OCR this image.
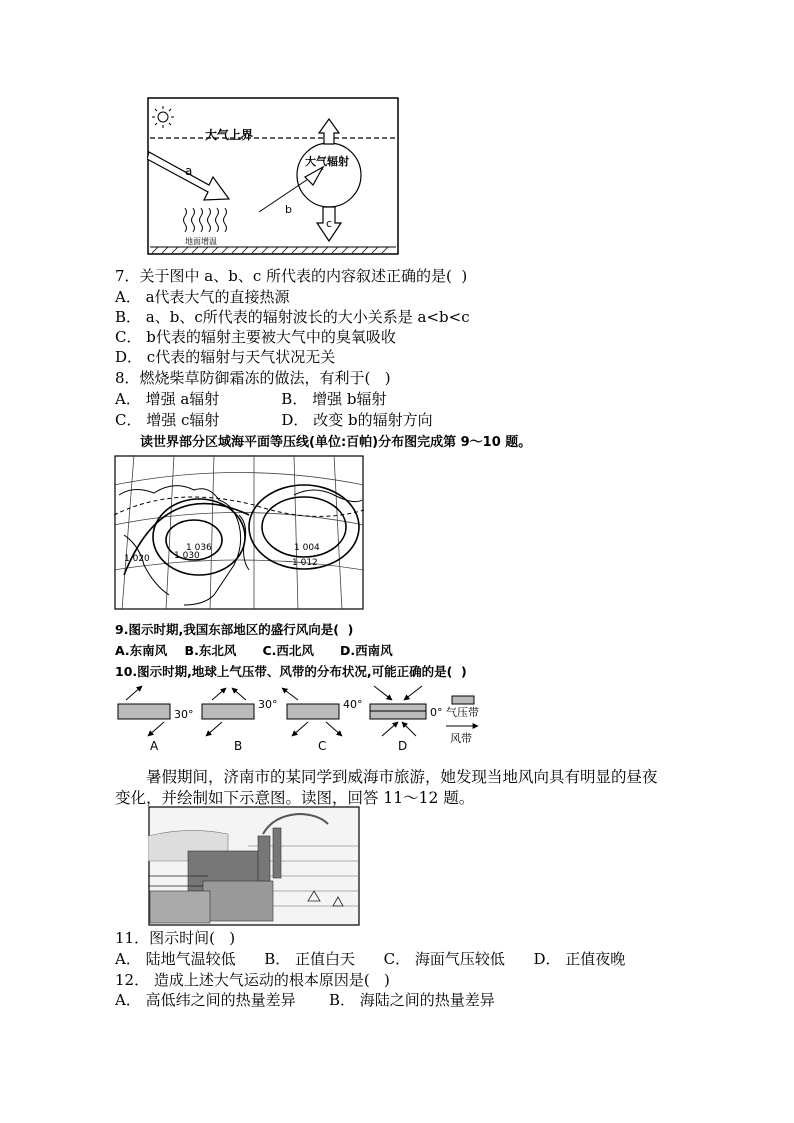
大气上界
a
地面增温
c
大气辐射
b
7．关于图中 a、b、c 所代表的内容叙述正确的是(  )
A． a代表大气的直接热源
B． a、b、c所代表的辐射波长的大小关系是 a<b<c
C． b代表的辐射主要被大气中的臭氧吸收
D． c代表的辐射与天气状况无关
8．燃烧柴草防御霜冻的做法，有利于(   )
A． 增强 a辐射             B． 增强 b辐射
C． 增强 c辐射             D． 改变 b的辐射方向
读世界部分区域海平面等压线(单位:百帕)分布图完成第 9～10 题。
1 036
1 030
1 020
1 004
1 012
9.图示时期,我国东部地区的盛行风向是(  )
A.东南风    B.东北风      C.西北风      D.西南风
10.图示时期,地球上气压带、风带的分布状况,可能正确的是(  )
30°
A
30°
B
40°
C
0°
D
气压带
风带
暑假期间，济南市的某同学到威海市旅游，她发现当地风向具有明显的昼夜
变化，并绘制如下示意图。读图，回答 11～12 题。
11．图示时间(   )
A． 陆地气温较低      B． 正值白天      C． 海面气压较低      D． 正值夜晚
12． 造成上述大气运动的根本原因是(   )
A． 高低纬之间的热量差异       B． 海陆之间的热量差异
